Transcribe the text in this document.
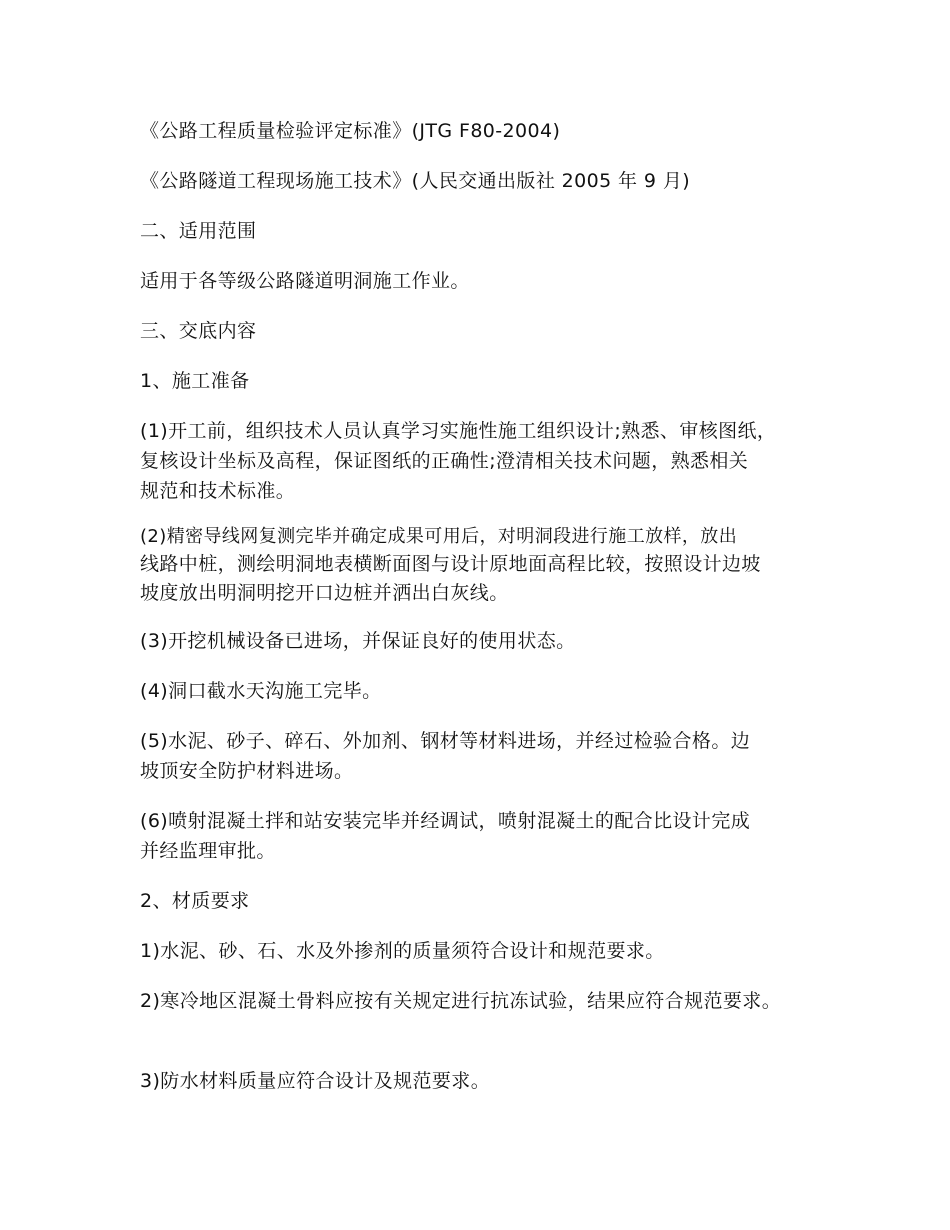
《公路工程质量检验评定标准》(JTG F80-2004)

《公路隧道工程现场施工技术》(人民交通出版社 2005 年 9 月)

二、适用范围

适用于各等级公路隧道明洞施工作业。

三、交底内容

1、施工准备

(1)开工前，组织技术人员认真学习实施性施工组织设计;熟悉、审核图纸，

复核设计坐标及高程，保证图纸的正确性;澄清相关技术问题，熟悉相关

规范和技术标准。

(2)精密导线网复测完毕并确定成果可用后，对明洞段进行施工放样，放出

线路中桩，测绘明洞地表横断面图与设计原地面高程比较，按照设计边坡

坡度放出明洞明挖开口边桩并洒出白灰线。

(3)开挖机械设备已进场，并保证良好的使用状态。

(4)洞口截水天沟施工完毕。

(5)水泥、砂子、碎石、外加剂、钢材等材料进场，并经过检验合格。边

坡顶安全防护材料进场。

(6)喷射混凝土拌和站安装完毕并经调试，喷射混凝土的配合比设计完成

并经监理审批。

2、材质要求

1)水泥、砂、石、水及外掺剂的质量须符合设计和规范要求。

2)寒冷地区混凝土骨料应按有关规定进行抗冻试验，结果应符合规范要求。

3)防水材料质量应符合设计及规范要求。
